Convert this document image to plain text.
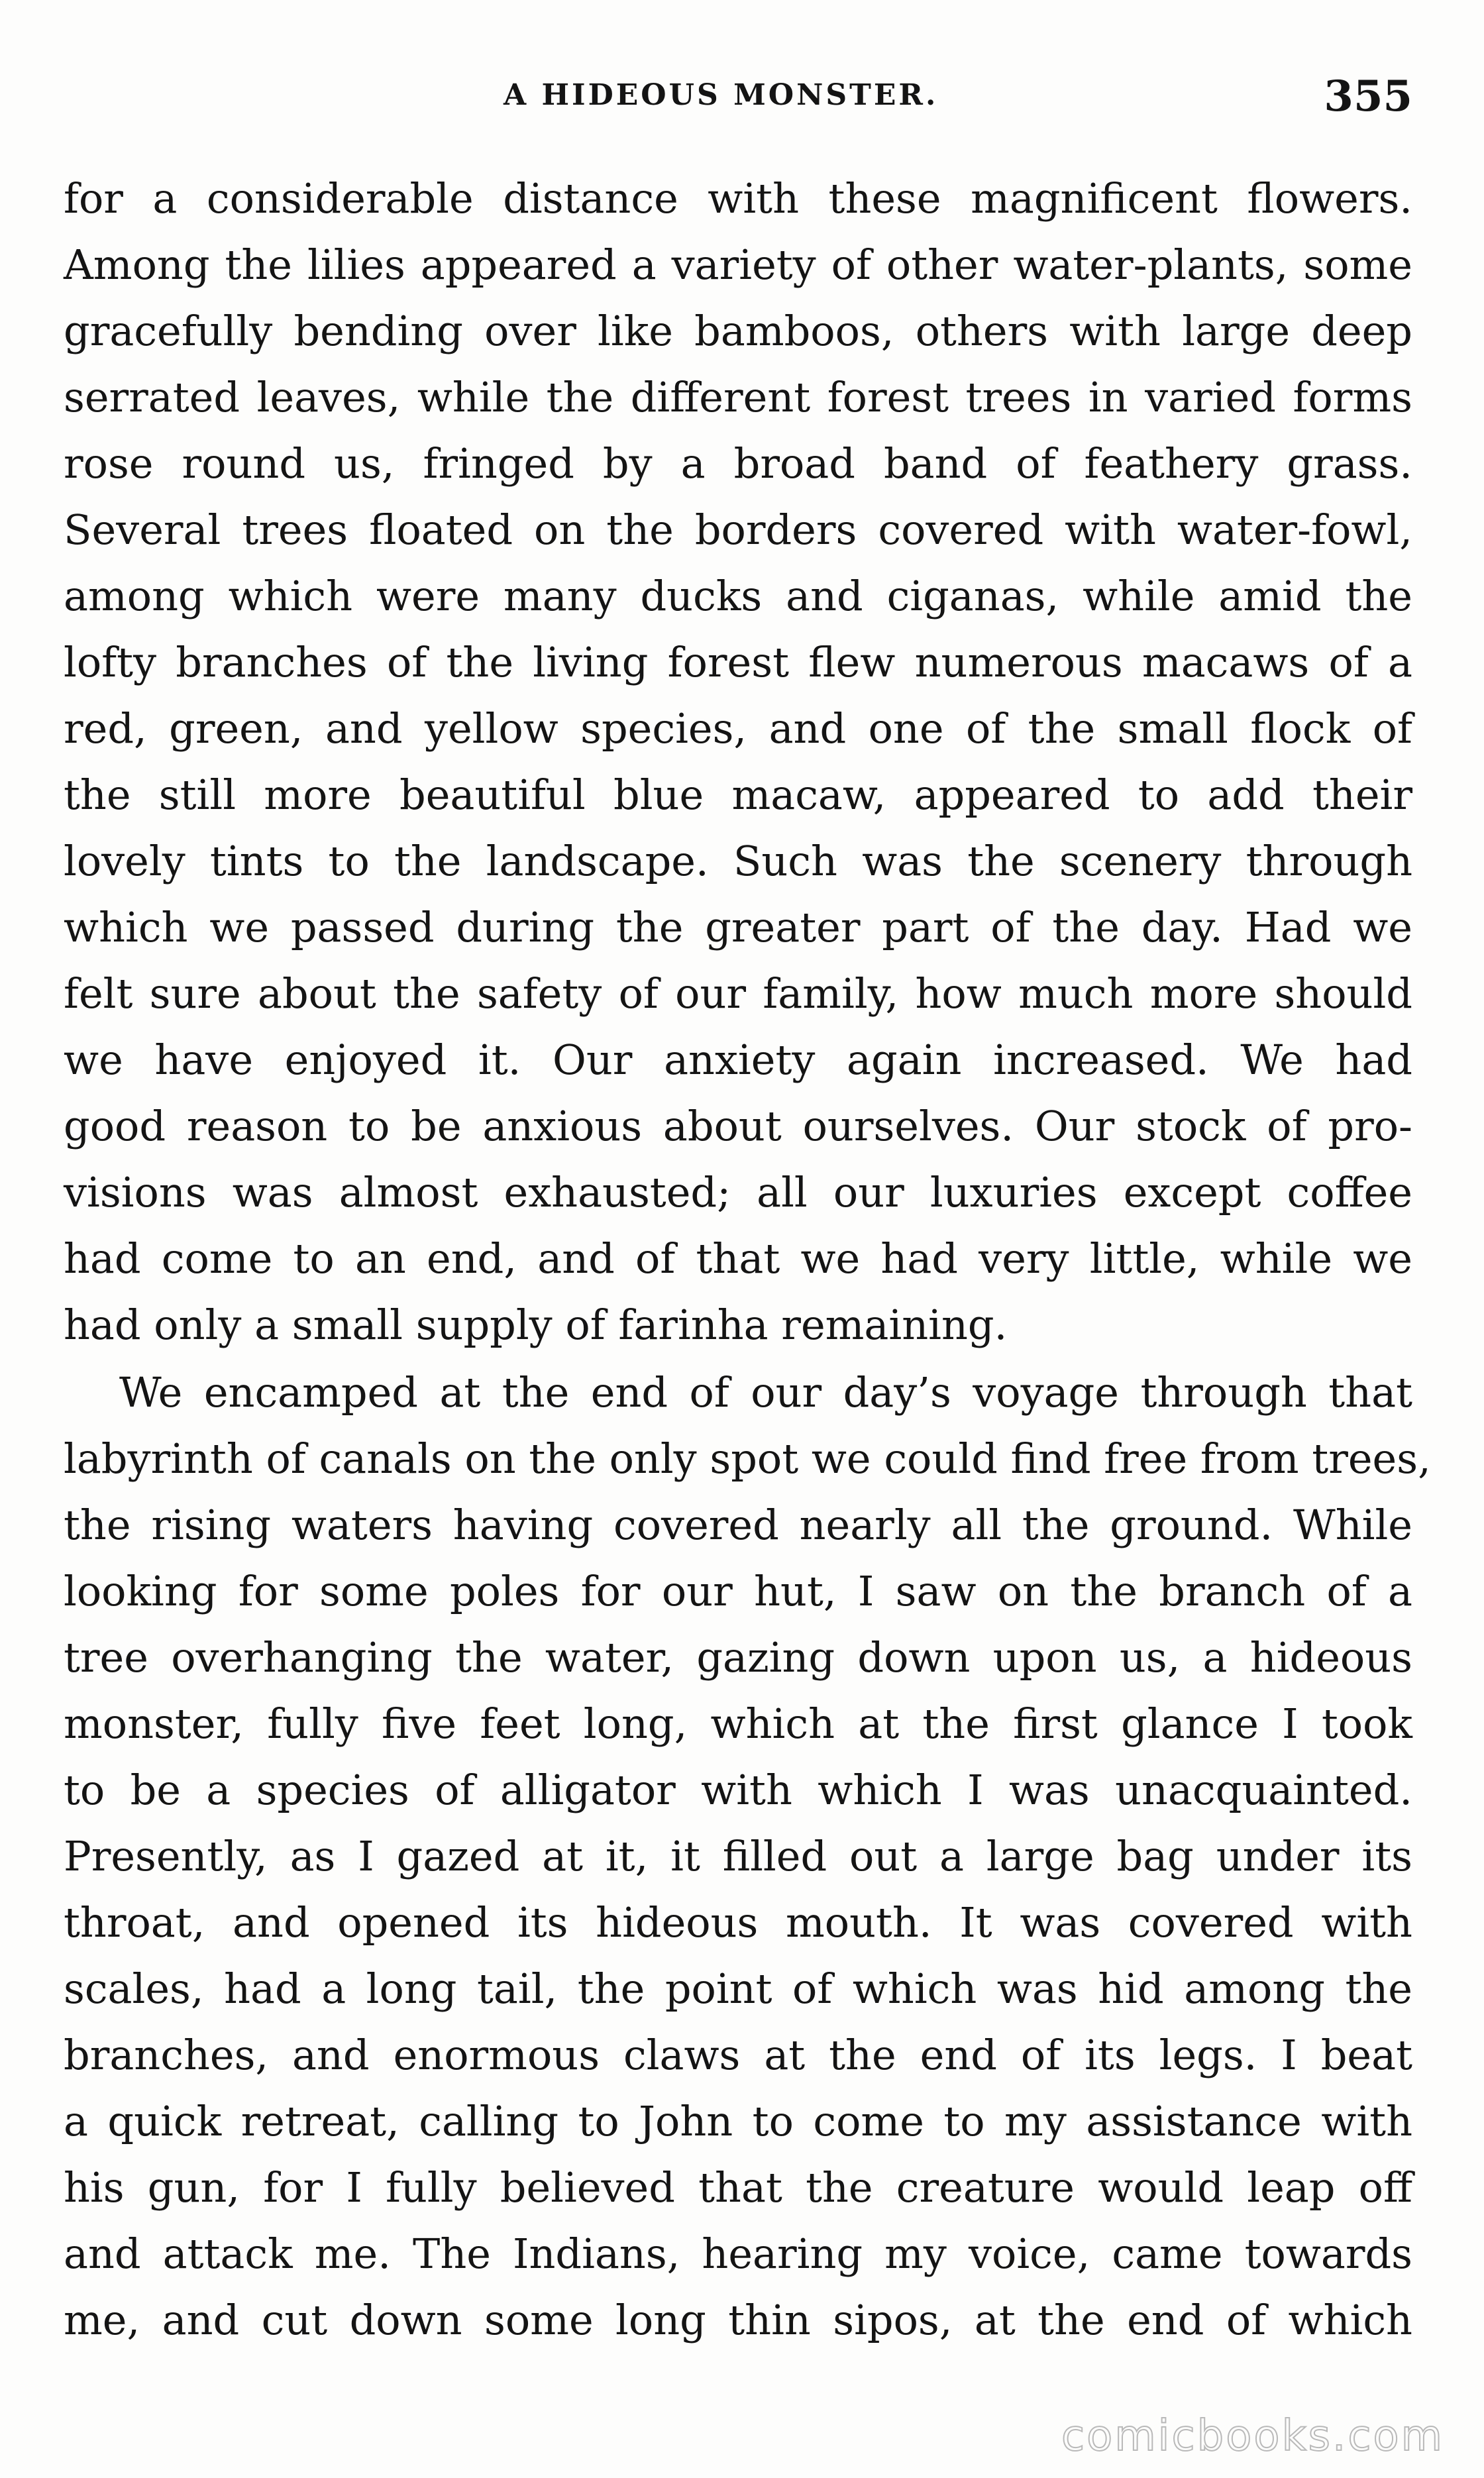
A HIDEOUS MONSTER.	355
for a considerable distance with these magnificent flowers.
Among the lilies appeared a variety of other water-plants, some
gracefully bending over like bamboos, others with large deep
serrated leaves, while the different forest trees in varied forms
rose round us, fringed by a broad band of feathery grass.
Several trees floated on the borders covered with water-fowl,
among which were many ducks and ciganas, while amid the
lofty branches of the living forest flew numerous macaws of a
red, green, and yellow species, and one of the small flock of
the still more beautiful blue macaw, appeared to add their
lovely tints to the landscape. Such was the scenery through
which we passed during the greater part of the day. Had we
felt sure about the safety of our family, how much more should
we have enjoyed it. Our anxiety again increased. We had
good reason to be anxious about ourselves. Our stock of pro-
visions was almost exhausted; all our luxuries except coffee
had come to an end, and of that we had very little, while we
had only a small supply of farinha remaining.
We encamped at the end of our day’s voyage through that
labyrinth of canals on the only spot we could find free from trees,
the rising waters having covered nearly all the ground. While
looking for some poles for our hut, I saw on the branch of a
tree overhanging the water, gazing down upon us, a hideous
monster, fully five feet long, which at the first glance I took
to be a species of alligator with which I was unacquainted.
Presently, as I gazed at it, it filled out a large bag under its
throat, and opened its hideous mouth. It was covered with
scales, had a long tail, the point of which was hid among the
branches, and enormous claws at the end of its legs. I beat
a quick retreat, calling to John to come to my assistance with
his gun, for I fully believed that the creature would leap off
and attack me. The Indians, hearing my voice, came towards
me, and cut down some long thin sipos, at the end of which
comicbooks.com
